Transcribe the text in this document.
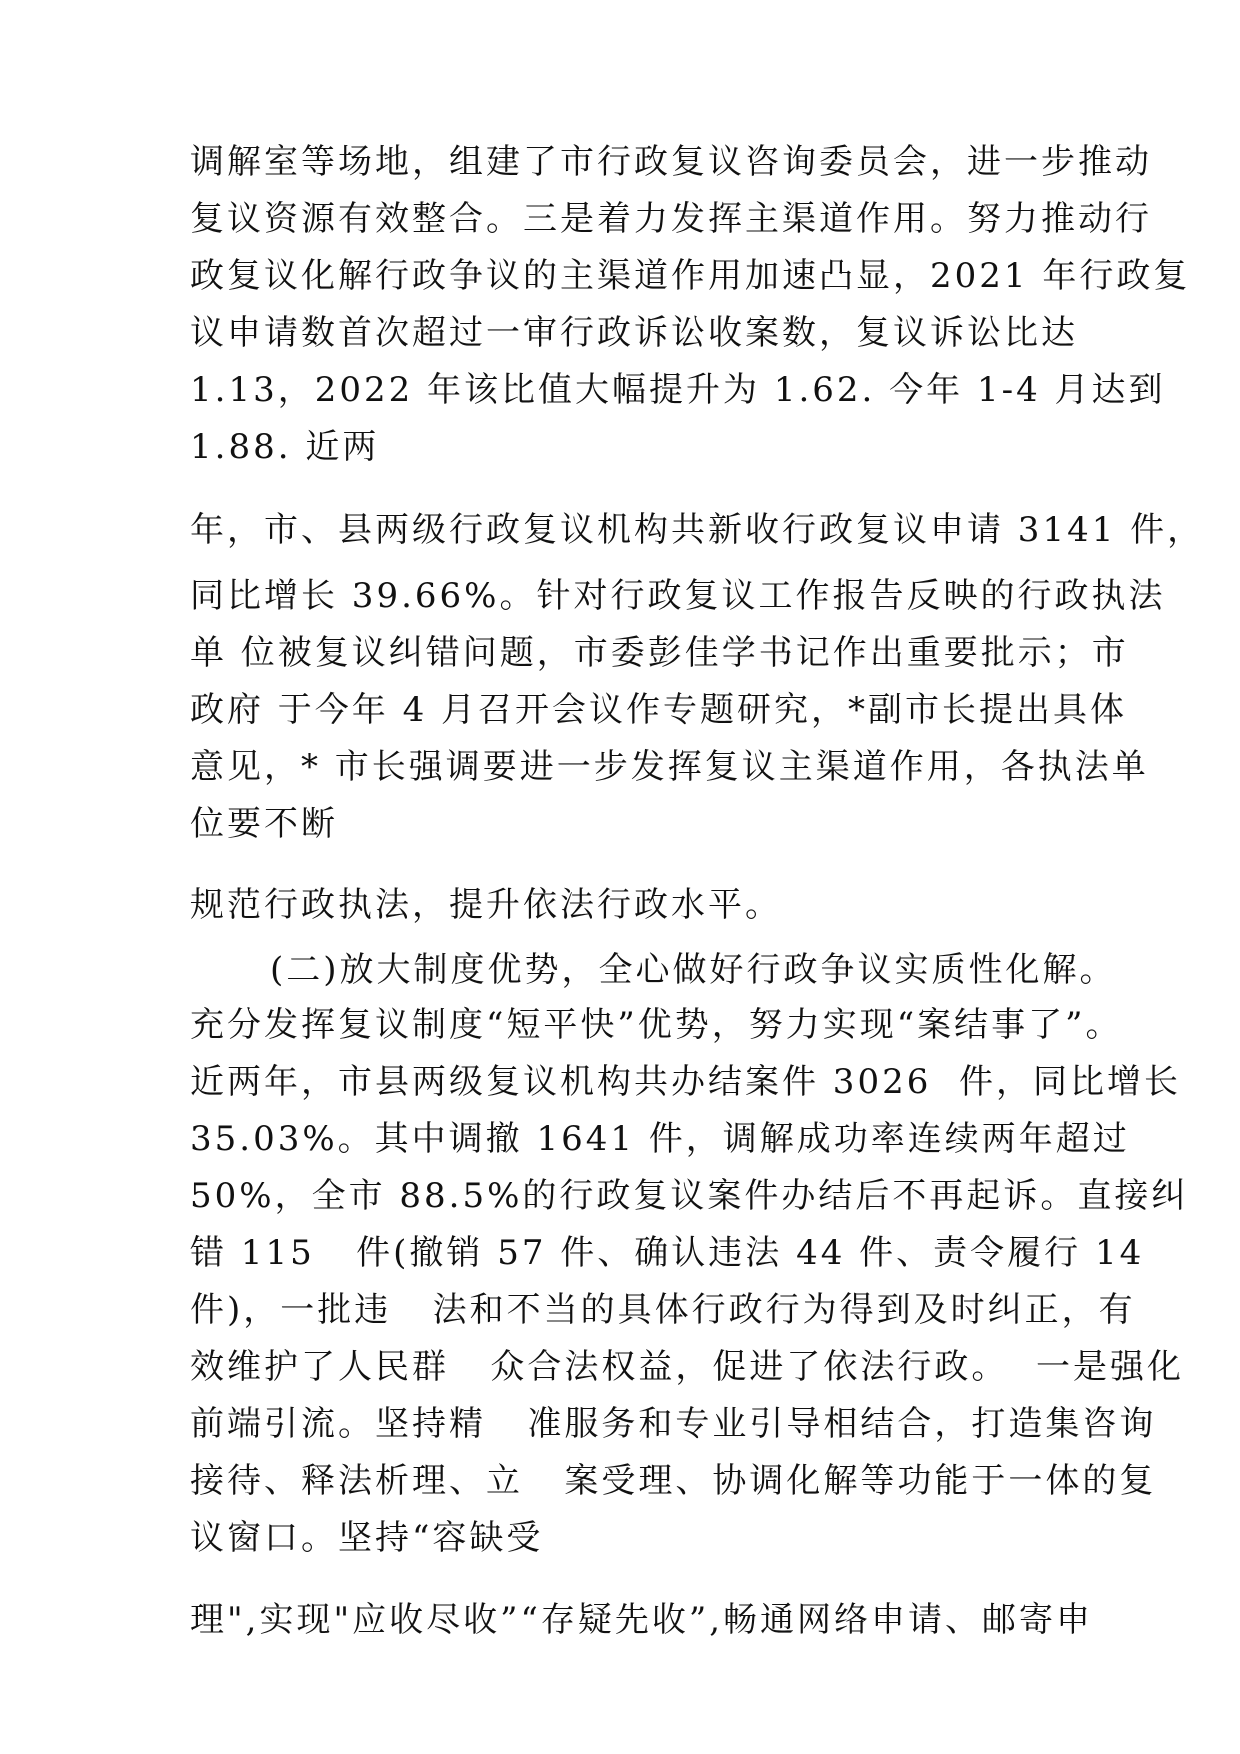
调解室等场地，组建了市行政复议咨询委员会，进一步推动
复议资源有效整合。三是着力发挥主渠道作用。努力推动行
政复议化解行政争议的主渠道作用加速凸显，2021 年行政复
议申请数首次超过一审行政诉讼收案数，复议诉讼比达
1.13，2022 年该比值大幅提升为 1.62. 今年 1-4 月达到
1.88. 近两
年，市、县两级行政复议机构共新收行政复议申请 3141 件，
同比增长 39.66%。针对行政复议工作报告反映的行政执法
单 位被复议纠错问题，市委彭佳学书记作出重要批示；市
政府 于今年 4 月召开会议作专题研究，*副市长提出具体
意见，* 市长强调要进一步发挥复议主渠道作用，各执法单
位要不断
规范行政执法，提升依法行政水平。
(二)放大制度优势，全心做好行政争议实质性化解。
充分发挥复议制度“短平快”优势，努力实现“案结事了”。
近两年，市县两级复议机构共办结案件 3026  件，同比增长
35.03%。其中调撤 1641 件，调解成功率连续两年超过
50%，全市 88.5%的行政复议案件办结后不再起诉。直接纠
错 115   件(撤销 57 件、确认违法 44 件、责令履行 14
件)，一批违   法和不当的具体行政行为得到及时纠正，有
效维护了人民群   众合法权益，促进了依法行政。  一是强化
前端引流。坚持精   准服务和专业引导相结合，打造集咨询
接待、释法析理、立   案受理、协调化解等功能于一体的复
议窗口。坚持“容缺受
理",实现"应收尽收”“存疑先收”,畅通网络申请、邮寄申
